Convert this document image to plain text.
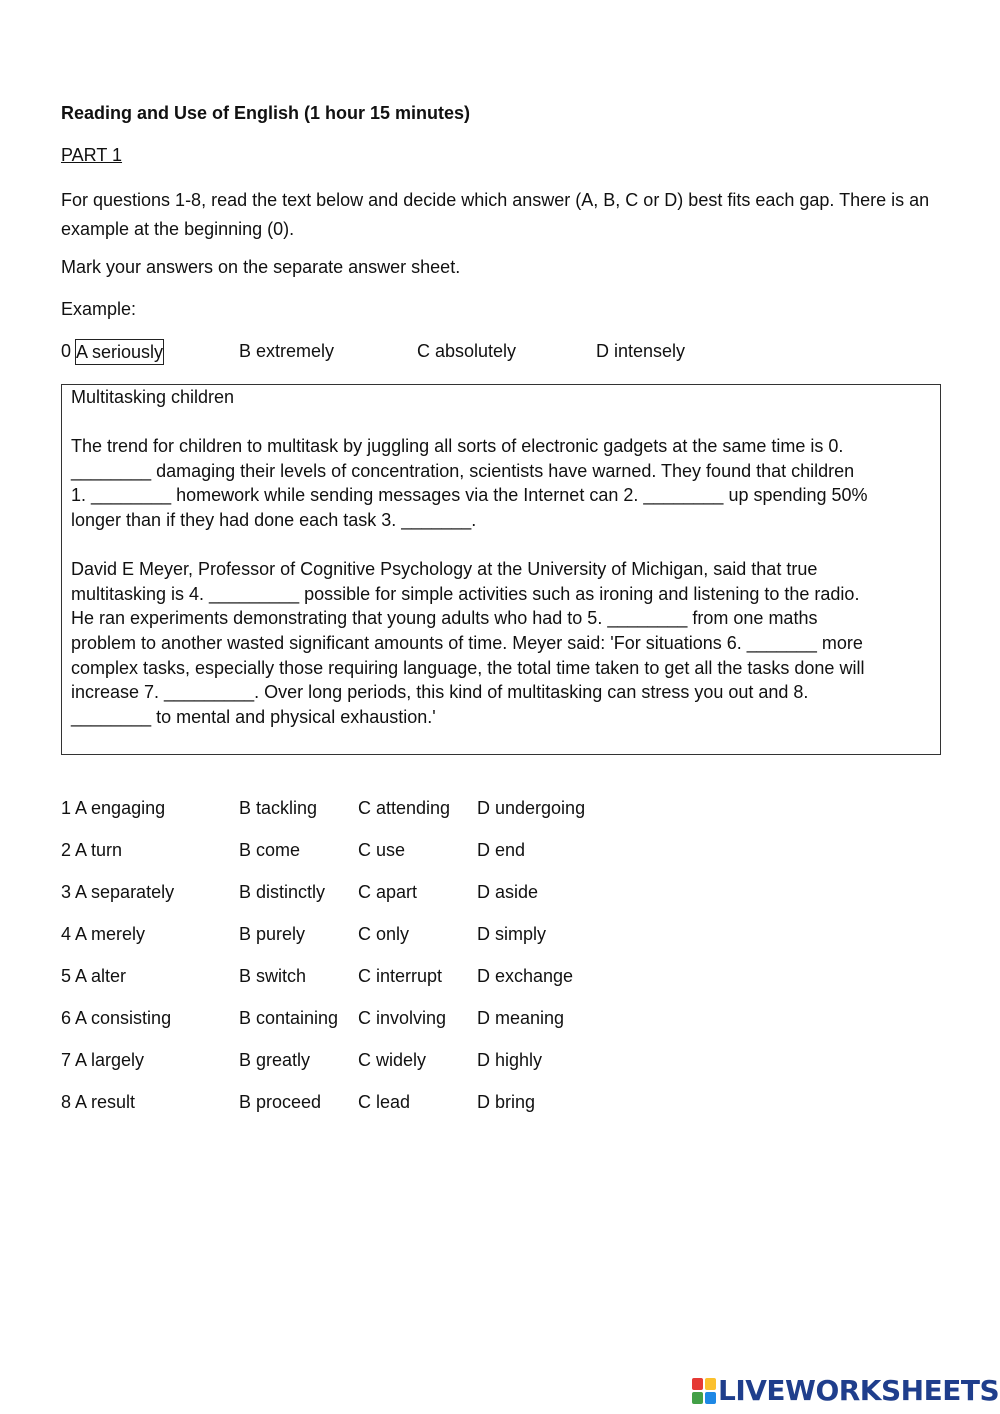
Reading and Use of English (1 hour 15 minutes)
PART 1
For questions 1-8, read the text below and decide which answer (A, B, C or D) best fits each gap. There is an example at the beginning (0).
Mark your answers on the separate answer sheet.
Example:
0 A seriously	B extremely	C absolutely	D intensely
Multitasking children
The trend for children to multitask by juggling all sorts of electronic gadgets at the same time is 0.
________ damaging their levels of concentration, scientists have warned. They found that children
1. ________ homework while sending messages via the Internet can 2. ________ up spending 50%
longer than if they had done each task 3. _______.
David E Meyer, Professor of Cognitive Psychology at the University of Michigan, said that true
multitasking is 4. _________ possible for simple activities such as ironing and listening to the radio.
He ran experiments demonstrating that young adults who had to 5. ________ from one maths
problem to another wasted significant amounts of time. Meyer said: 'For situations 6. _______ more
complex tasks, especially those requiring language, the total time taken to get all the tasks done will
increase 7. _________. Over long periods, this kind of multitasking can stress you out and 8.
________ to mental and physical exhaustion.'
1 A engaging	B tackling C attending D undergoing
2 A turn	B come	C use	D end
3 A separately	B distinctly C apart	D aside
4 A merely	B purely	C only	D simply
5 A alter	B switch	C interrupt D exchange
6 A consisting	B containing C involving D meaning
7 A largely	B greatly	C widely	D highly
8 A result	B proceed C lead	D bring
LIVEWORKSHEETS
